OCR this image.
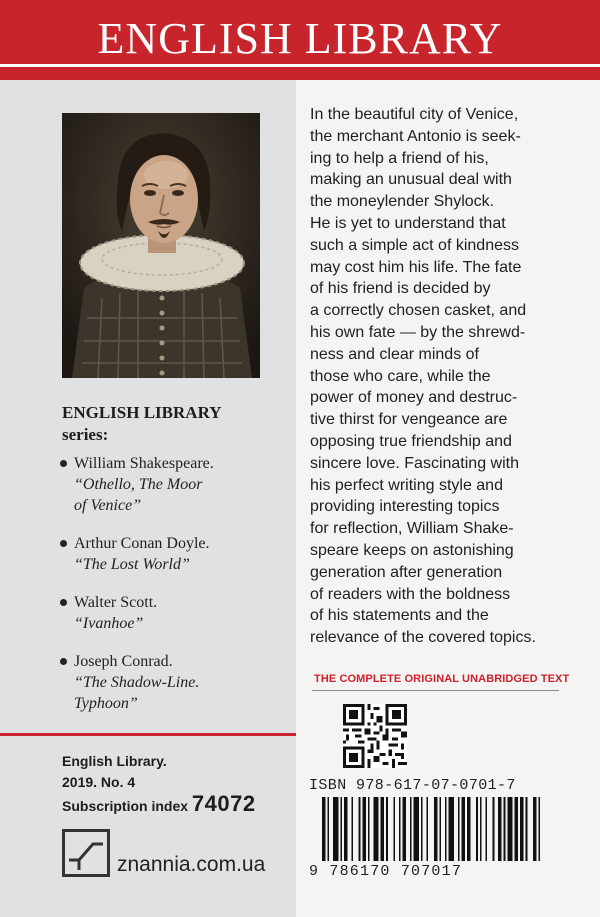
ENGLISH LIBRARY
ENGLISH LIBRARY
series:
William Shakespeare.
“Othello, The Moor
of Venice”
Arthur Conan Doyle.
“The Lost World”
Walter Scott.
“Ivanhoe”
Joseph Conrad.
“The Shadow-Line.
Typhoon”
English Library.
2019. No. 4
Subscription index 74072
znannia.com.ua
In the beautiful city of Venice,
the merchant Antonio is seek-
ing to help a friend of his,
making an unusual deal with
the moneylender Shylock.
He is yet to understand that
such a simple act of kindness
may cost him his life. The fate
of his friend is decided by
a correctly chosen casket, and
his own fate — by the shrewd-
ness and clear minds of
those who care, while the
power of money and destruc-
tive thirst for vengeance are
opposing true friendship and
sincere love. Fascinating with
his perfect writing style and
providing interesting topics
for reflection, William Shake-
speare keeps on astonishing
generation after generation
of readers with the boldness
of his statements and the
relevance of the covered topics.
THE COMPLETE ORIGINAL UNABRIDGED TEXT
ISBN 978-617-07-0701-7
9 786170 707017
